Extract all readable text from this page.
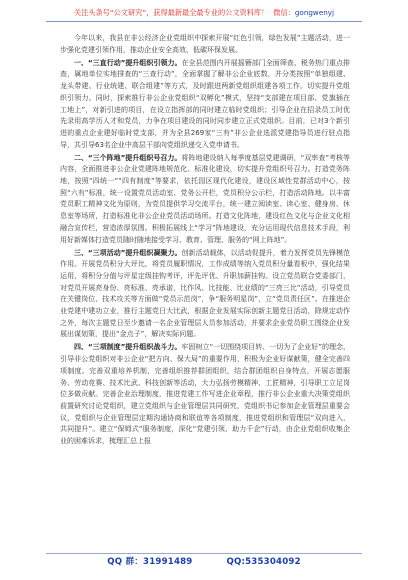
关注头条号“公文研究”，获得最新最全最专业的公文资料库！ 微信：gongwenyj

今年以来，我县在非公经济企业党组织中探索开展“红色引领，绿色发展”主题活动，进一步强化党建引领作用，推动企业安全高效、低碳环保发展。

一、“三直行动”提升组织引领力。在全县范围内开展摇簪部门全面筛查、税务热门重点排查，属地单位实地排查的“三查行动”，全面掌握了解非公企业底数，并分类按照“单独组建、龙头带建、行业统建、联合组建”等方式，及时跟进两新党组织组建各项工作。切实提升党组织引领力。同时，探索推行非公企业党组织“双孵化”模式，坚持“支部建在项目部、党旗插在工地上”，对新引进的项目，在设立指挥部的同时建立临时党组织；引导企业在招录员工时优先录用高学历人才和党员，力争在项目建设的同时同步建立正式党组织。目前，已对3个新引进的重点企业建好临时党支部，并为全县269家“三有”非公企业选派党建指导员进行驻点指导，共引导63名企业中高层干部向党组织递交入党申请书。

二、“三个阵地”提升组织号召力。将阵地建设纳入每季度基层党建调研，“双率查”考核等内容，全面推进非公企业党建阵地规范化、标准化建设，切实提升党组织号召力。打造党务阵地，按照“四统一”“四有制度”等要求，依托园区现代化建设，建设区域性党群活动中心，按照“六有”标准，统一设置党员活动室、党务公开栏，党员积分公示栏，打造活动阵地。以丰富党员职工精神文化为原则，为党员提供学习交流平台，统一建立阅读室、读心室、健身房、休息室等场所，打造标准化非公企业党员活动场所。打造文化阵地，建设红色文化与企业文化相融合宣传栏，营造浓厚氛围。积极拓展线上“学习”阵地建设，充分运用现代信息技术手段，利用好新媒体打造党员随时随地接受学习、教育、管理、服务的“网上阵地”。

三、“三项活动”提升组织凝聚力。创新活动载体，以活动促提升，着力发挥党员先锋模范作用。开展党员积分大评比，将党员履职情况，工作成绩等纳入党员积分量看板中，强化结果运用，将积分分值与评星定级挂钩考评，评先评优、升职加薪挂钩。设立党员联合党委部门，对党员开展亮身份、亮标准、亮承诺，比作风、比技能、比业绩的“三亮三比”活动，引导党员在关键岗位、技术攻关等方面做“党员示范岗”，争“服务明星岗”，立“党员责任区”。在推进企业党建中建功立业，推行主题党日大比武，根据企业发展实际创新主题党日活动，除规定动作之外，每次主题党日至少邀请一名企业管理层人员参加活动，并要求企业党员职工围绕企业发展出谋划策，提出“金点子”，解决实际问题。

四、“三项制度”提升组织战斗力。牢固树立“一切围绕项目转、一切为了企业好”的理念，引导非公党组织对非公企业“把方向、保大局”的重要作用，积极为企业好谋献策，健全完善四项制度。完善双重培养机制，完善组织推荐群团组织，结合群团组织自身特点，开展志愿服务、劳动竞赛、技术比武、科技创新等活动，大力弘扬劳模精神、工匠精神，引导职工立足岗位多做贡献。完善企业治理制度，推进党建工作写进企业章程，推行非公企业重大决策党组织前置研究讨论党组织，建立党组织与企业管理层共同研究，党组织书记参加企业管理层重要会议，党组织与企业管理层定期沟通协商和联谊等各项制度，推进党组织和管理层“双向进入，共同提升”。建立“保姆式”服务制度，深化“党建引领、助力千企”行动，由企业党组织收集企业的困难诉求，梳理汇总上报

QQ 群：31991489	QQ:535304092
